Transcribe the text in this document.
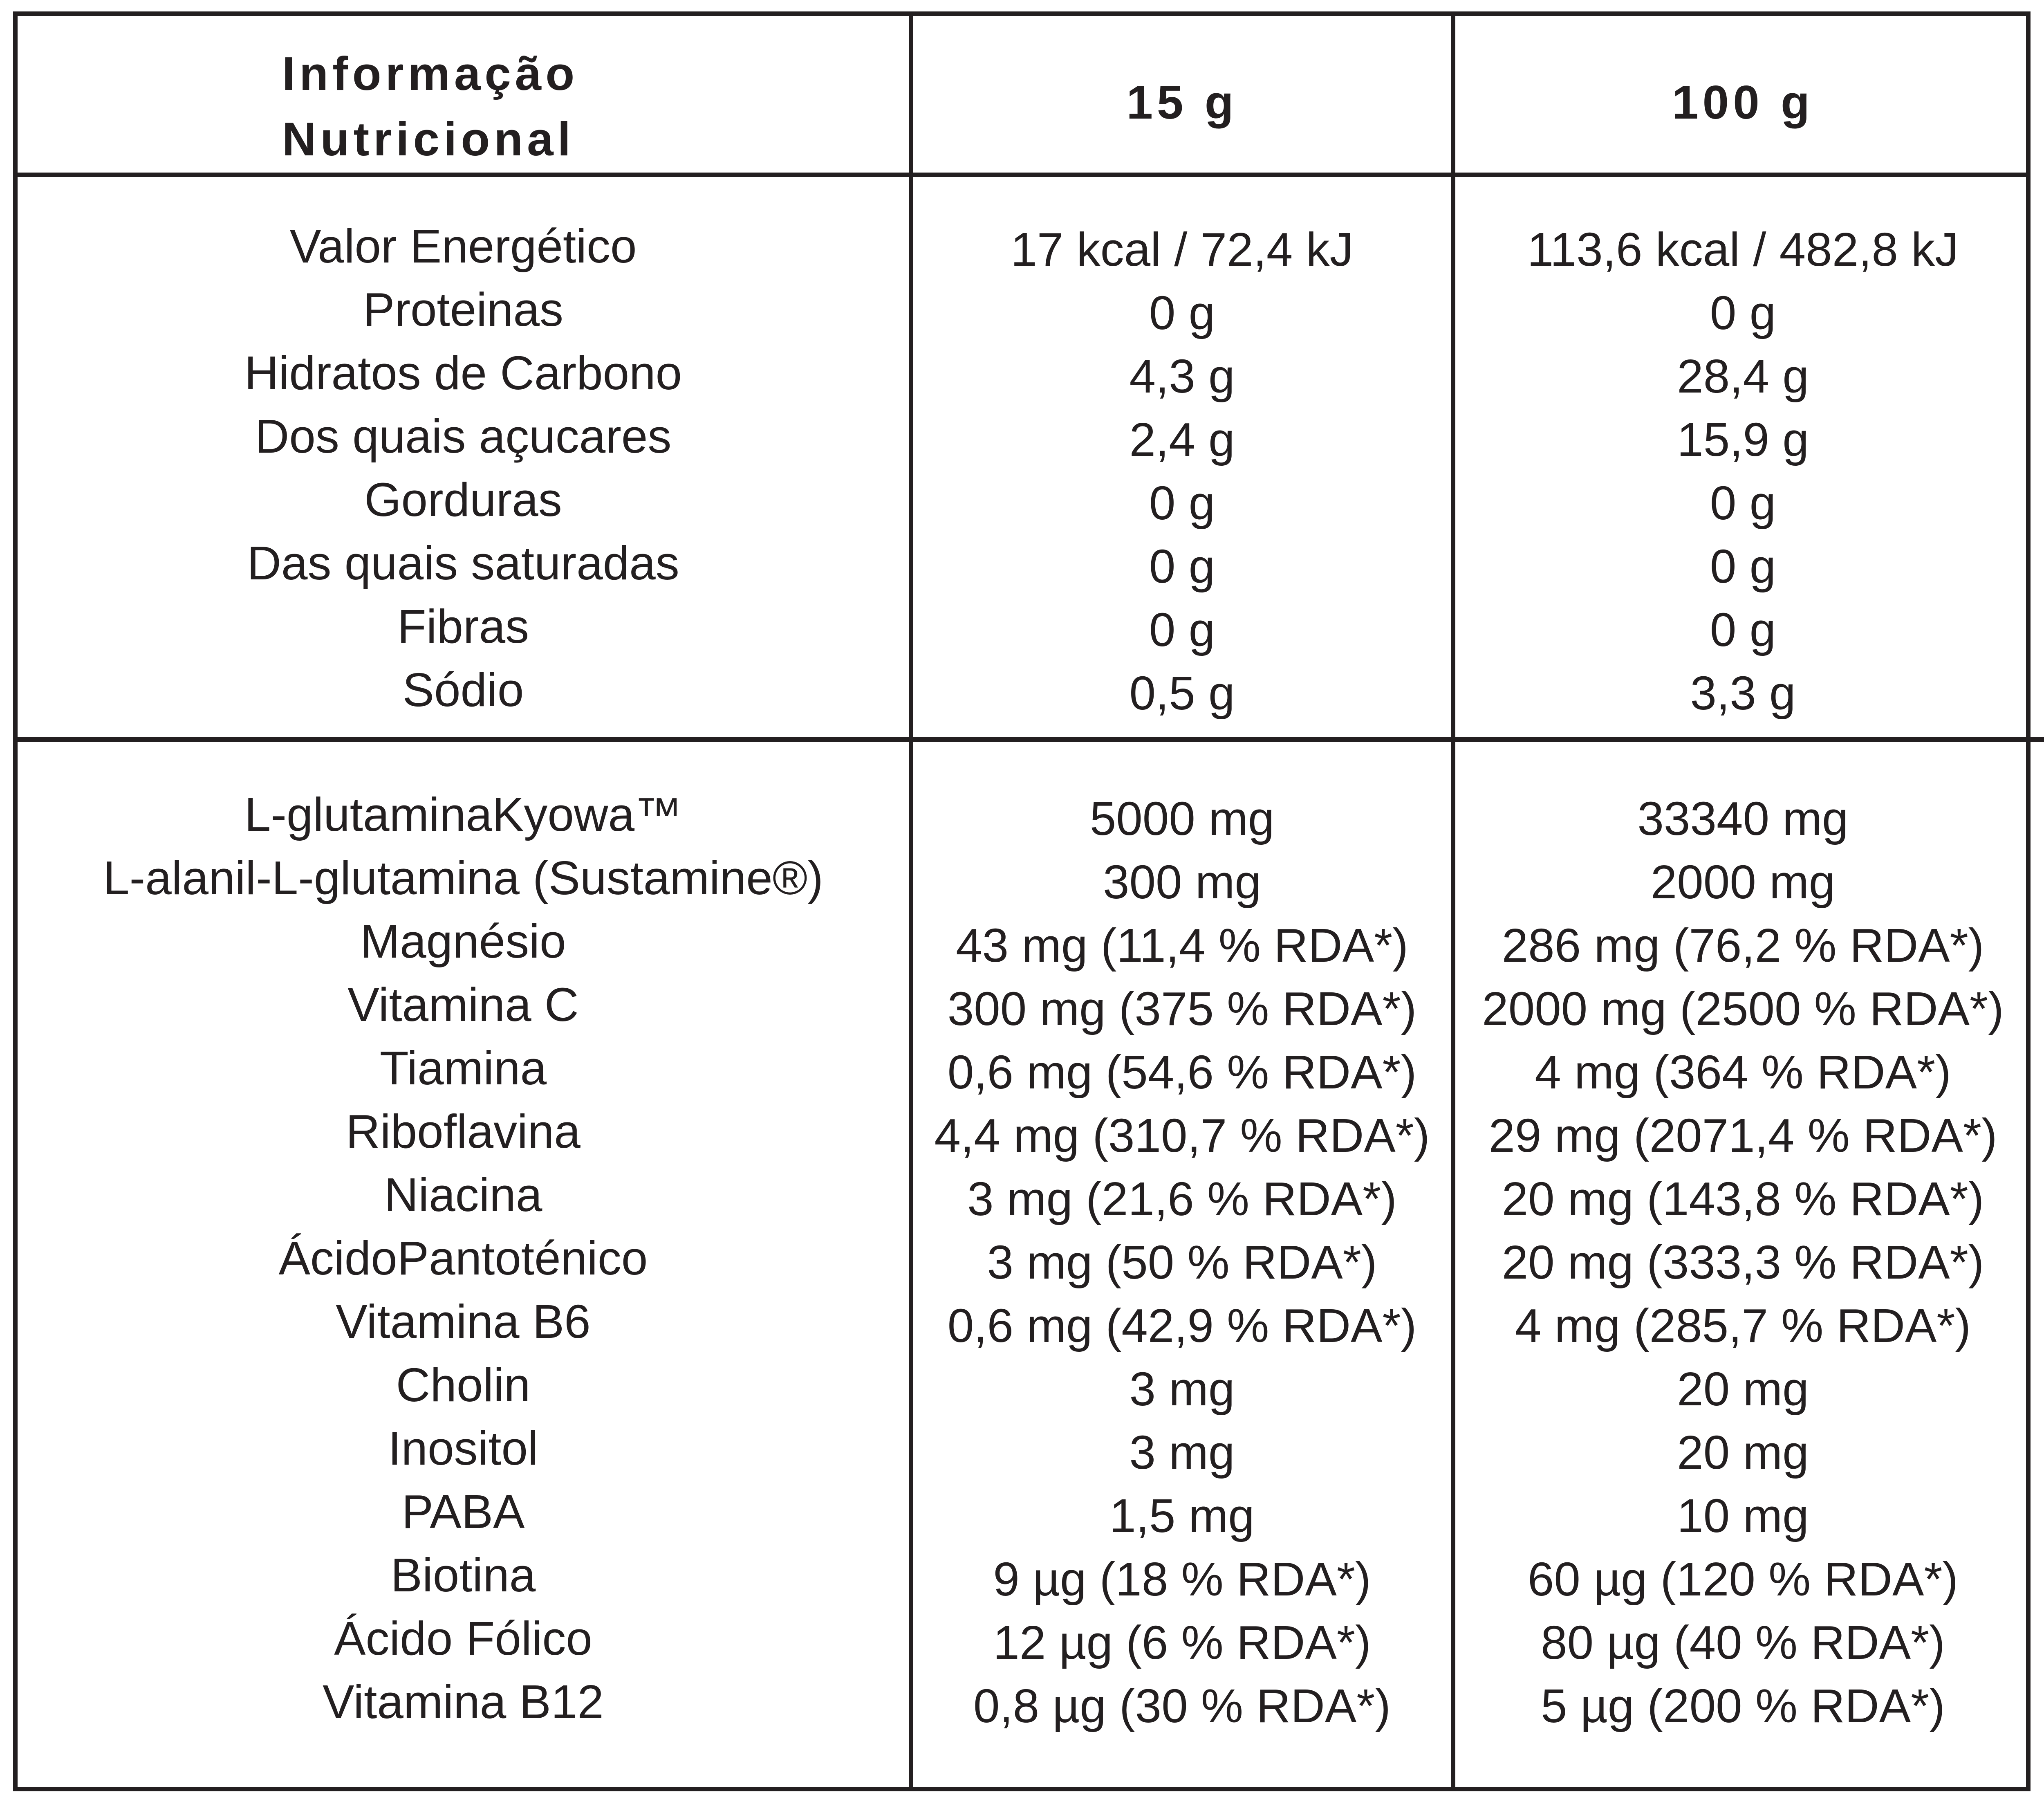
Informação
Nutricional
15 g	100 g
Valor Energético
Proteinas
Hidratos de Carbono
Dos quais açucares
Gorduras
Das quais saturadas
Fibras
Sódio
17 kcal / 72,4 kJ
0 g
4,3 g
2,4 g
0 g
0 g
0 g
0,5 g
113,6 kcal / 482,8 kJ
0 g
28,4 g
15,9 g
0 g
0 g
0 g
3,3 g
L-glutaminaKyowa™
L-alanil-L-glutamina (Sustamine®)
Magnésio
Vitamina C
Tiamina
Riboflavina
Niacina
ÁcidoPantoténico
Vitamina B6
Cholin
Inositol
PABA
Biotina
Ácido Fólico
Vitamina B12
5000 mg
300 mg
43 mg (11,4 % RDA*)
300 mg (375 % RDA*)
0,6 mg (54,6 % RDA*)
4,4 mg (310,7 % RDA*)
3 mg (21,6 % RDA*)
3 mg (50 % RDA*)
0,6 mg (42,9 % RDA*)
3 mg
3 mg
1,5 mg
9 µg (18 % RDA*)
12 µg (6 % RDA*)
0,8 µg (30 % RDA*)
33340 mg
2000 mg
286 mg (76,2 % RDA*)
2000 mg (2500 % RDA*)
4 mg (364 % RDA*)
29 mg (2071,4 % RDA*)
20 mg (143,8 % RDA*)
20 mg (333,3 % RDA*)
4 mg (285,7 % RDA*)
20 mg
20 mg
10 mg
60 µg (120 % RDA*)
80 µg (40 % RDA*)
5 µg (200 % RDA*)
